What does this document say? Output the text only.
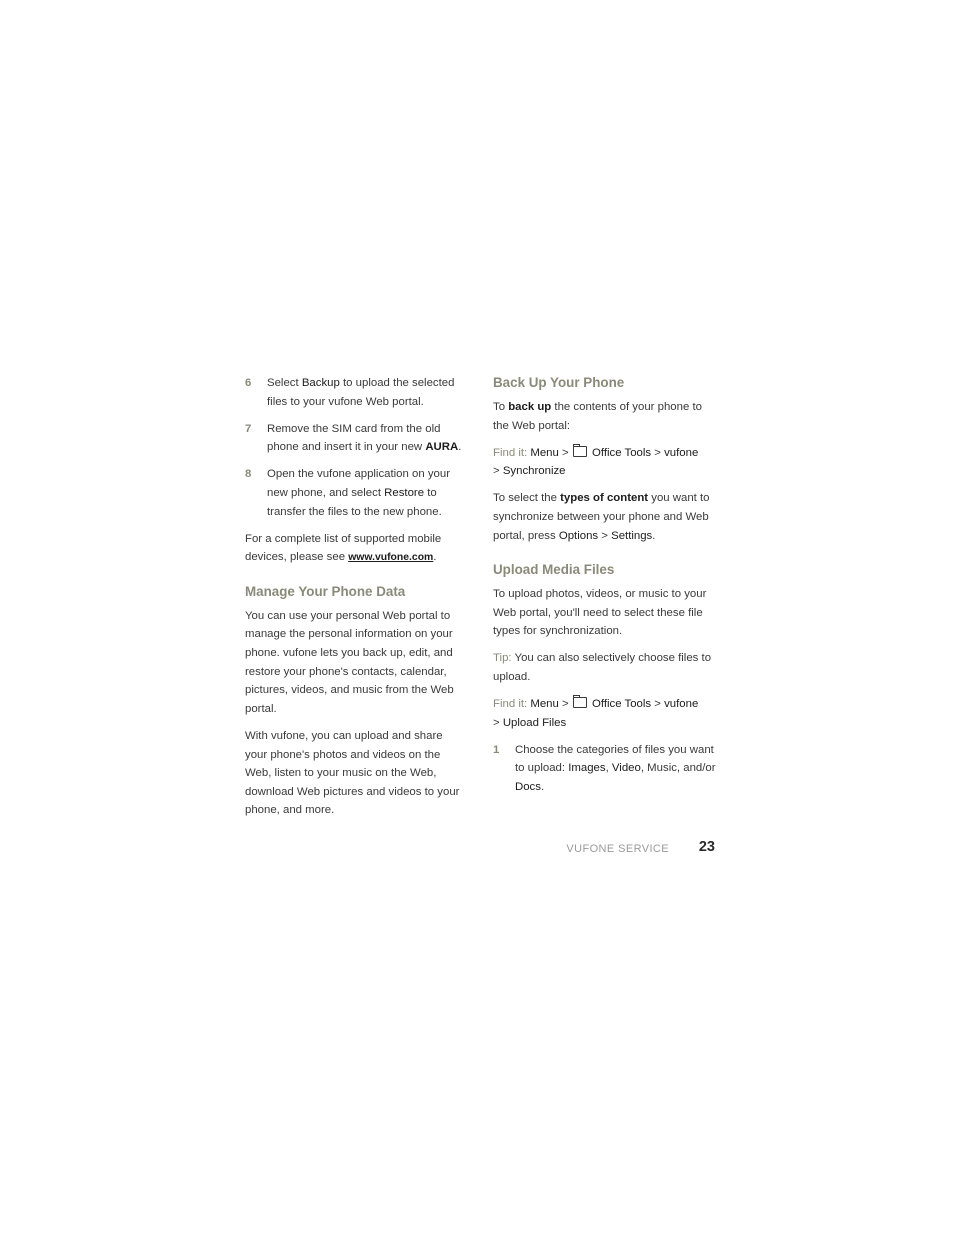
6 Select Backup to upload the selected files to your vufone Web portal.
7 Remove the SIM card from the old phone and insert it in your new AURA.
8 Open the vufone application on your new phone, and select Restore to transfer the files to the new phone.

For a complete list of supported mobile devices, please see www.vufone.com.

Manage Your Phone Data

You can use your personal Web portal to manage the personal information on your phone. vufone lets you back up, edit, and restore your phone's contacts, calendar, pictures, videos, and music from the Web portal.

With vufone, you can upload and share your phone's photos and videos on the Web, listen to your music on the Web, download Web pictures and videos to your phone, and more.

Back Up Your Phone

To back up the contents of your phone to the Web portal:

Find it: Menu >  Office Tools > vufone
> Synchronize

To select the types of content you want to synchronize between your phone and Web portal, press Options > Settings.

Upload Media Files

To upload photos, videos, or music to your Web portal, you'll need to select these file types for synchronization.

Tip: You can also selectively choose files to upload.

Find it: Menu >  Office Tools > vufone
> Upload Files

1 Choose the categories of files you want to upload: Images, Video, Music, and/or Docs.
VUFONE SERVICE 23
